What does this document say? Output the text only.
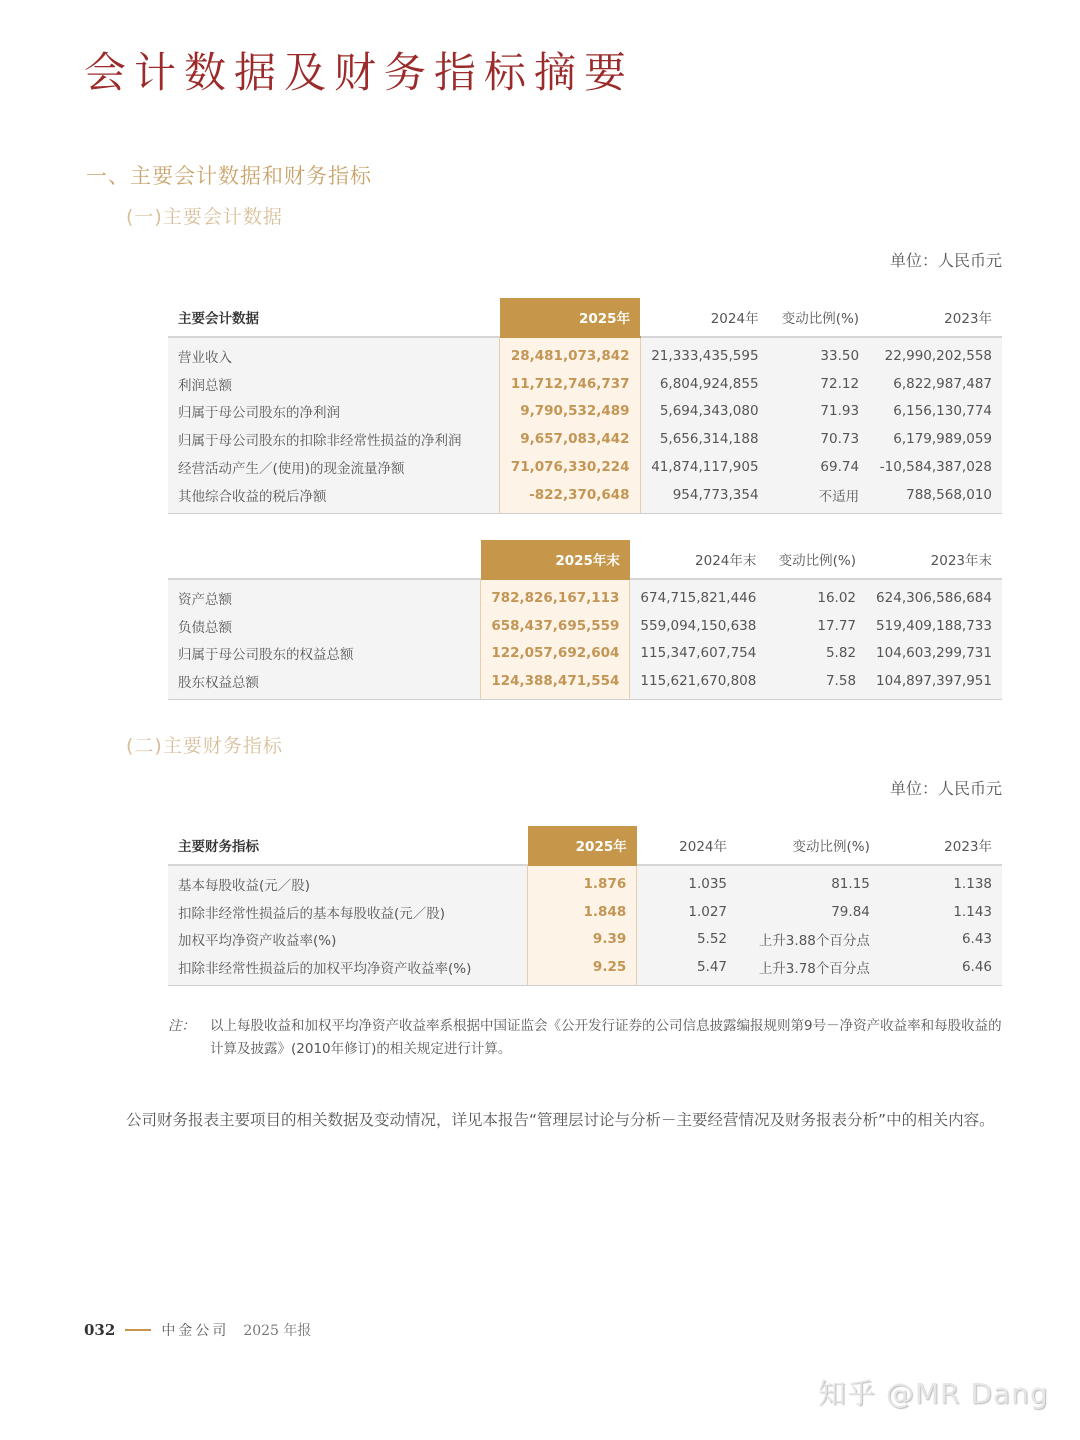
会计数据及财务指标摘要
一、主要会计数据和财务指标
(一)主要会计数据
单位：人民币元
主要会计数据	2025年	2024年	变动比例(%)	2023年
营业收入	28,481,073,842	21,333,435,595	33.50	22,990,202,558
利润总额	11,712,746,737	6,804,924,855	72.12	6,822,987,487
归属于母公司股东的净利润	9,790,532,489	5,694,343,080	71.93	6,156,130,774
归属于母公司股东的扣除非经常性损益的净利润	9,657,083,442	5,656,314,188	70.73	6,179,989,059
经营活动产生／(使用)的现金流量净额	71,076,330,224	41,874,117,905	69.74	-10,584,387,028
其他综合收益的税后净额	-822,370,648	954,773,354	不适用	788,568,010
	2025年末	2024年末	变动比例(%)	2023年末
资产总额	782,826,167,113	674,715,821,446	16.02	624,306,586,684
负债总额	658,437,695,559	559,094,150,638	17.77	519,409,188,733
归属于母公司股东的权益总额	122,057,692,604	115,347,607,754	5.82	104,603,299,731
股东权益总额	124,388,471,554	115,621,670,808	7.58	104,897,397,951
(二)主要财务指标
单位：人民币元
主要财务指标	2025年	2024年	变动比例(%)	2023年
基本每股收益(元／股)	1.876	1.035	81.15	1.138
扣除非经常性损益后的基本每股收益(元／股)	1.848	1.027	79.84	1.143
加权平均净资产收益率(%)	9.39	5.52	上升3.88个百分点	6.43
扣除非经常性损益后的加权平均净资产收益率(%)	9.25	5.47	上升3.78个百分点	6.46
注： 以上每股收益和加权平均净资产收益率系根据中国证监会《公开发行证券的公司信息披露编报规则第9号－净资产收益率和每股收益的计算及披露》(2010年修订)的相关规定进行计算。
公司财务报表主要项目的相关数据及变动情况，详见本报告“管理层讨论与分析－主要经营情况及财务报表分析”中的相关内容。
032	中金公司 2025 年报
知乎 @MR Dang
